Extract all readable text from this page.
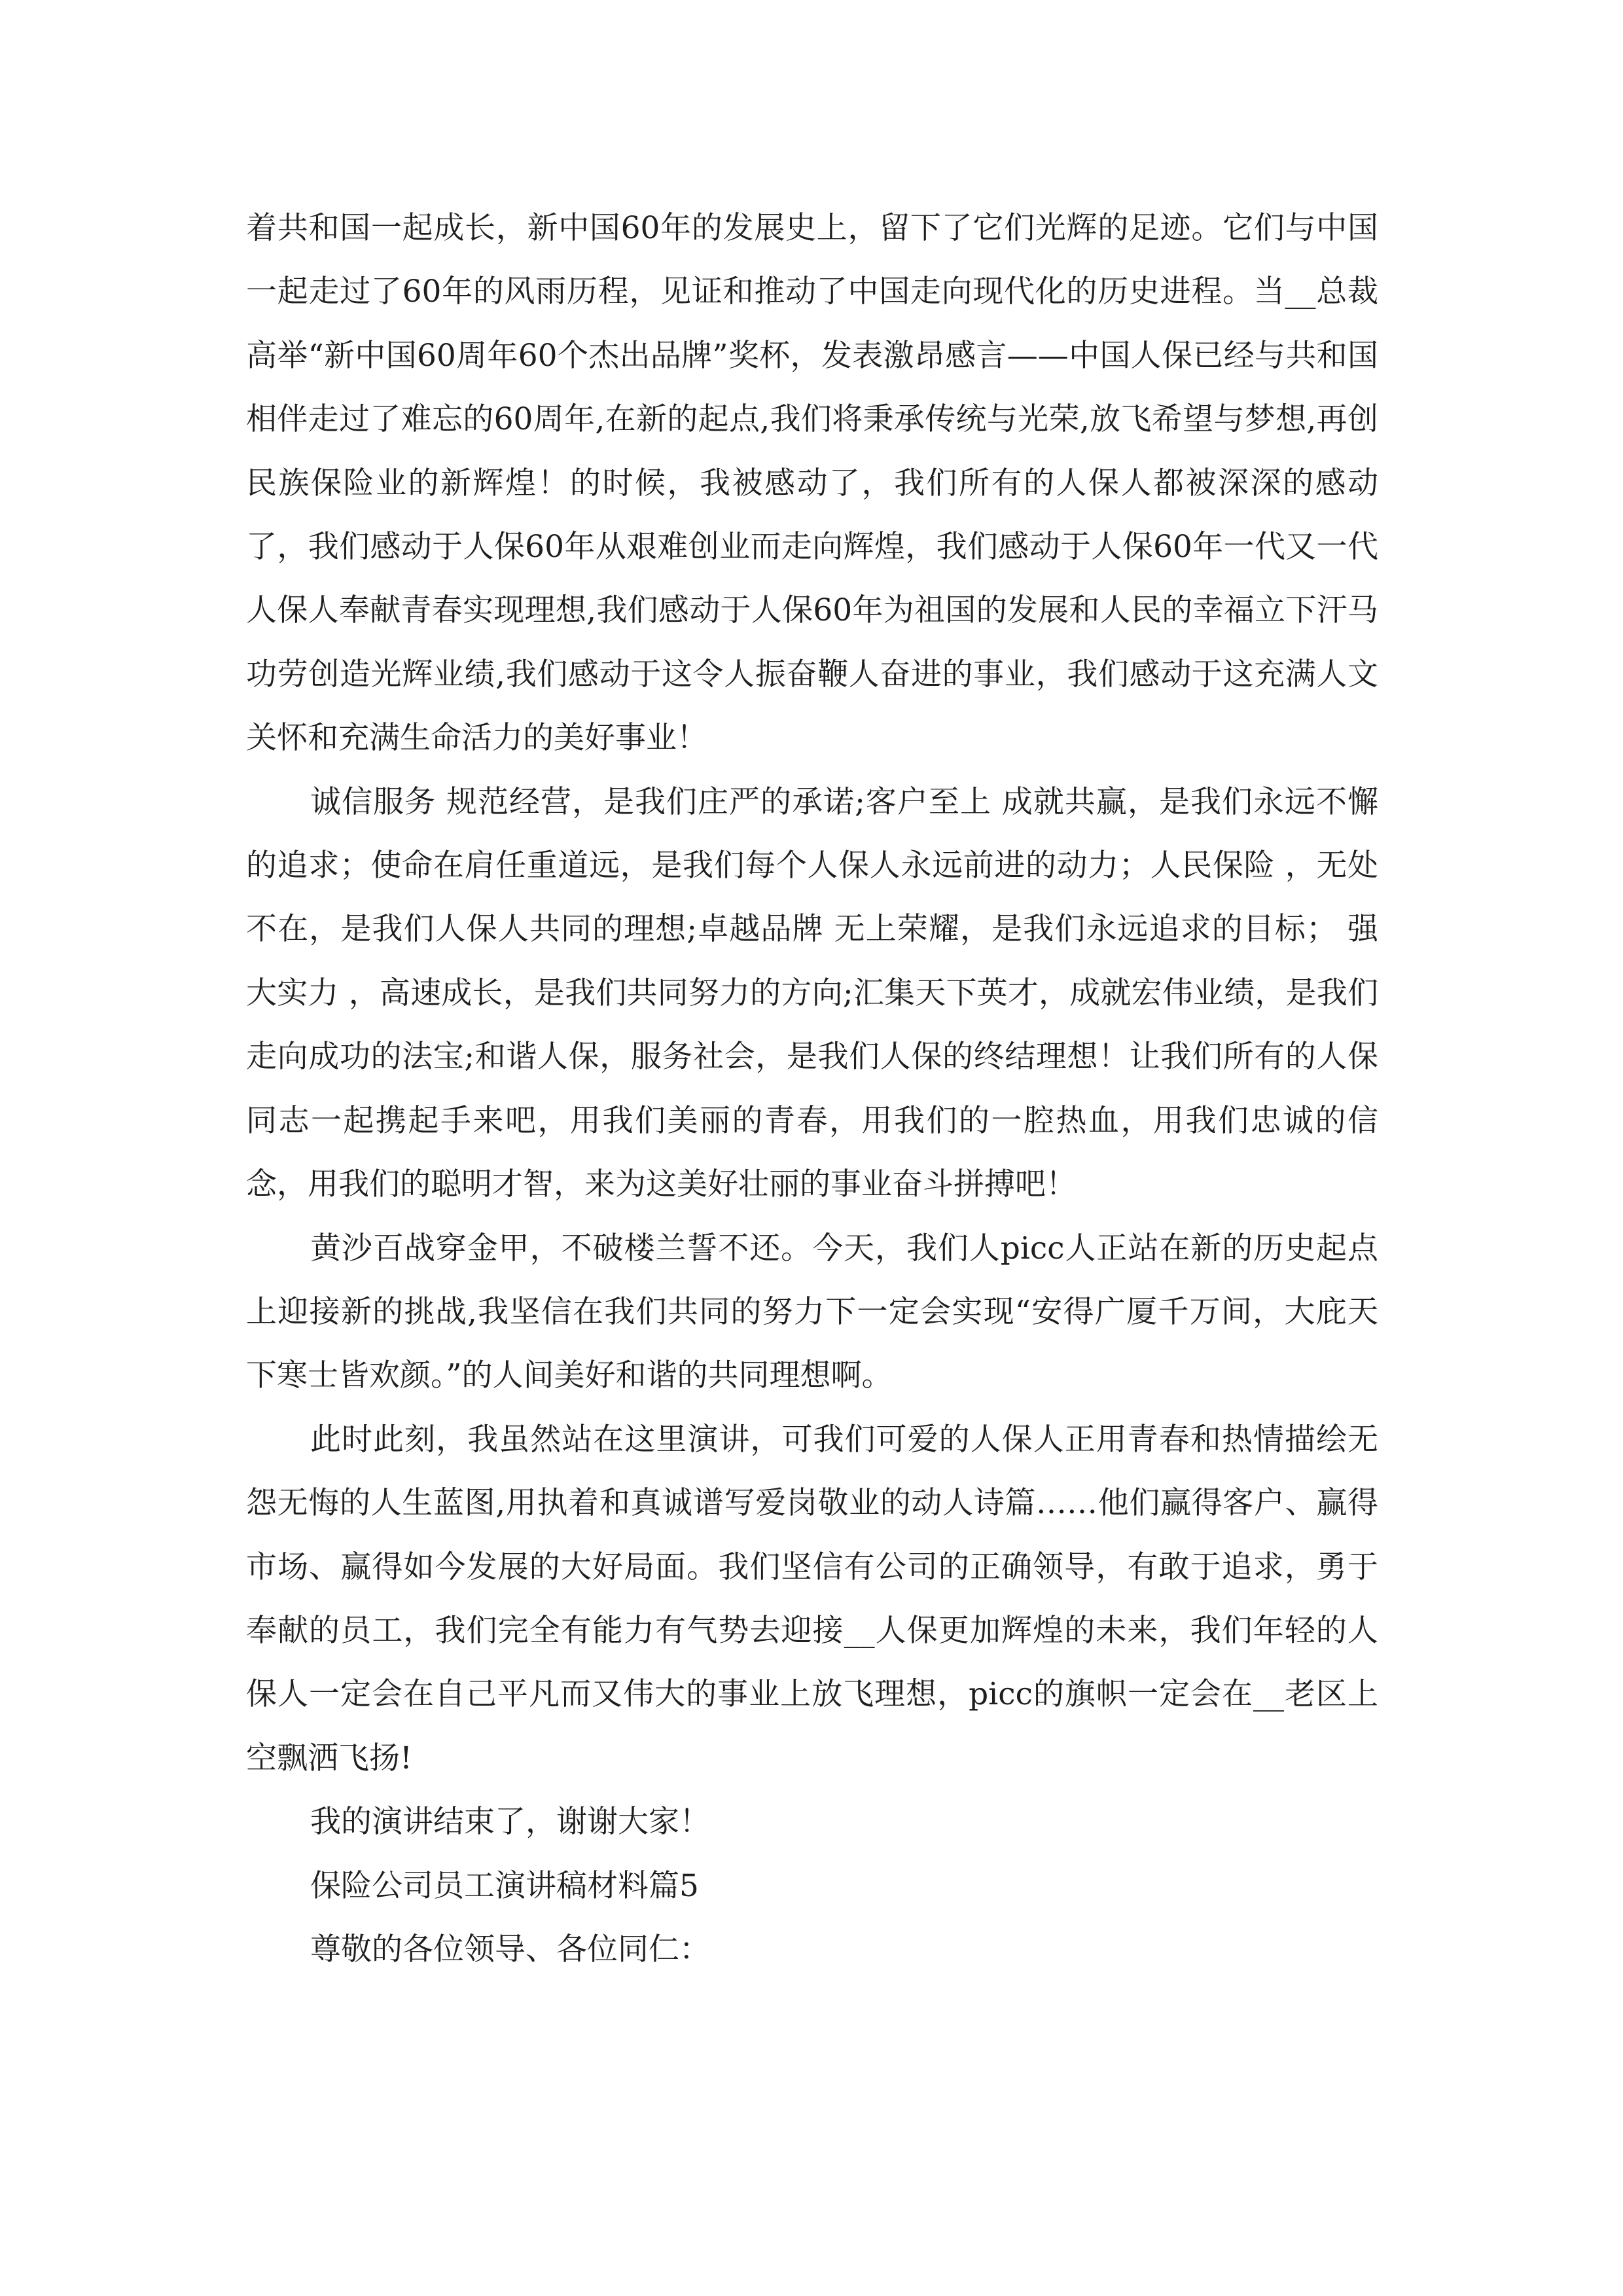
着共和国一起成长，新中国60年的发展史上，留下了它们光辉的足迹。它们与中国一起走过了60年的风雨历程，见证和推动了中国走向现代化的历史进程。当__总裁高举“新中国60周年60个杰出品牌”奖杯，发表激昂感言——中国人保已经与共和国相伴走过了难忘的60周年,在新的起点,我们将秉承传统与光荣,放飞希望与梦想,再创民族保险业的新辉煌！的时候，我被感动了，我们所有的人保人都被深深的感动了，我们感动于人保60年从艰难创业而走向辉煌，我们感动于人保60年一代又一代人保人奉献青春实现理想,我们感动于人保60年为祖国的发展和人民的幸福立下汗马功劳创造光辉业绩,我们感动于这令人振奋鞭人奋进的事业，我们感动于这充满人文关怀和充满生命活力的美好事业！

诚信服务 规范经营，是我们庄严的承诺;客户至上 成就共赢，是我们永远不懈的追求；使命在肩任重道远，是我们每个人保人永远前进的动力；人民保险 ，无处不在，是我们人保人共同的理想;卓越品牌 无上荣耀，是我们永远追求的目标； 强大实力 ，高速成长，是我们共同努力的方向;汇集天下英才，成就宏伟业绩，是我们走向成功的法宝;和谐人保，服务社会，是我们人保的终结理想！让我们所有的人保同志一起携起手来吧，用我们美丽的青春，用我们的一腔热血，用我们忠诚的信念，用我们的聪明才智，来为这美好壮丽的事业奋斗拼搏吧！

黄沙百战穿金甲，不破楼兰誓不还。今天，我们人picc人正站在新的历史起点上迎接新的挑战,我坚信在我们共同的努力下一定会实现“安得广厦千万间，大庇天下寒士皆欢颜。”的人间美好和谐的共同理想啊。

此时此刻，我虽然站在这里演讲，可我们可爱的人保人正用青春和热情描绘无怨无悔的人生蓝图,用执着和真诚谱写爱岗敬业的动人诗篇……他们赢得客户、赢得市场、赢得如今发展的大好局面。我们坚信有公司的正确领导，有敢于追求，勇于奉献的员工，我们完全有能力有气势去迎接__人保更加辉煌的未来，我们年轻的人保人一定会在自己平凡而又伟大的事业上放飞理想，picc的旗帜一定会在__老区上空飘洒飞扬!

我的演讲结束了，谢谢大家！

保险公司员工演讲稿材料篇5

尊敬的各位领导、各位同仁：
